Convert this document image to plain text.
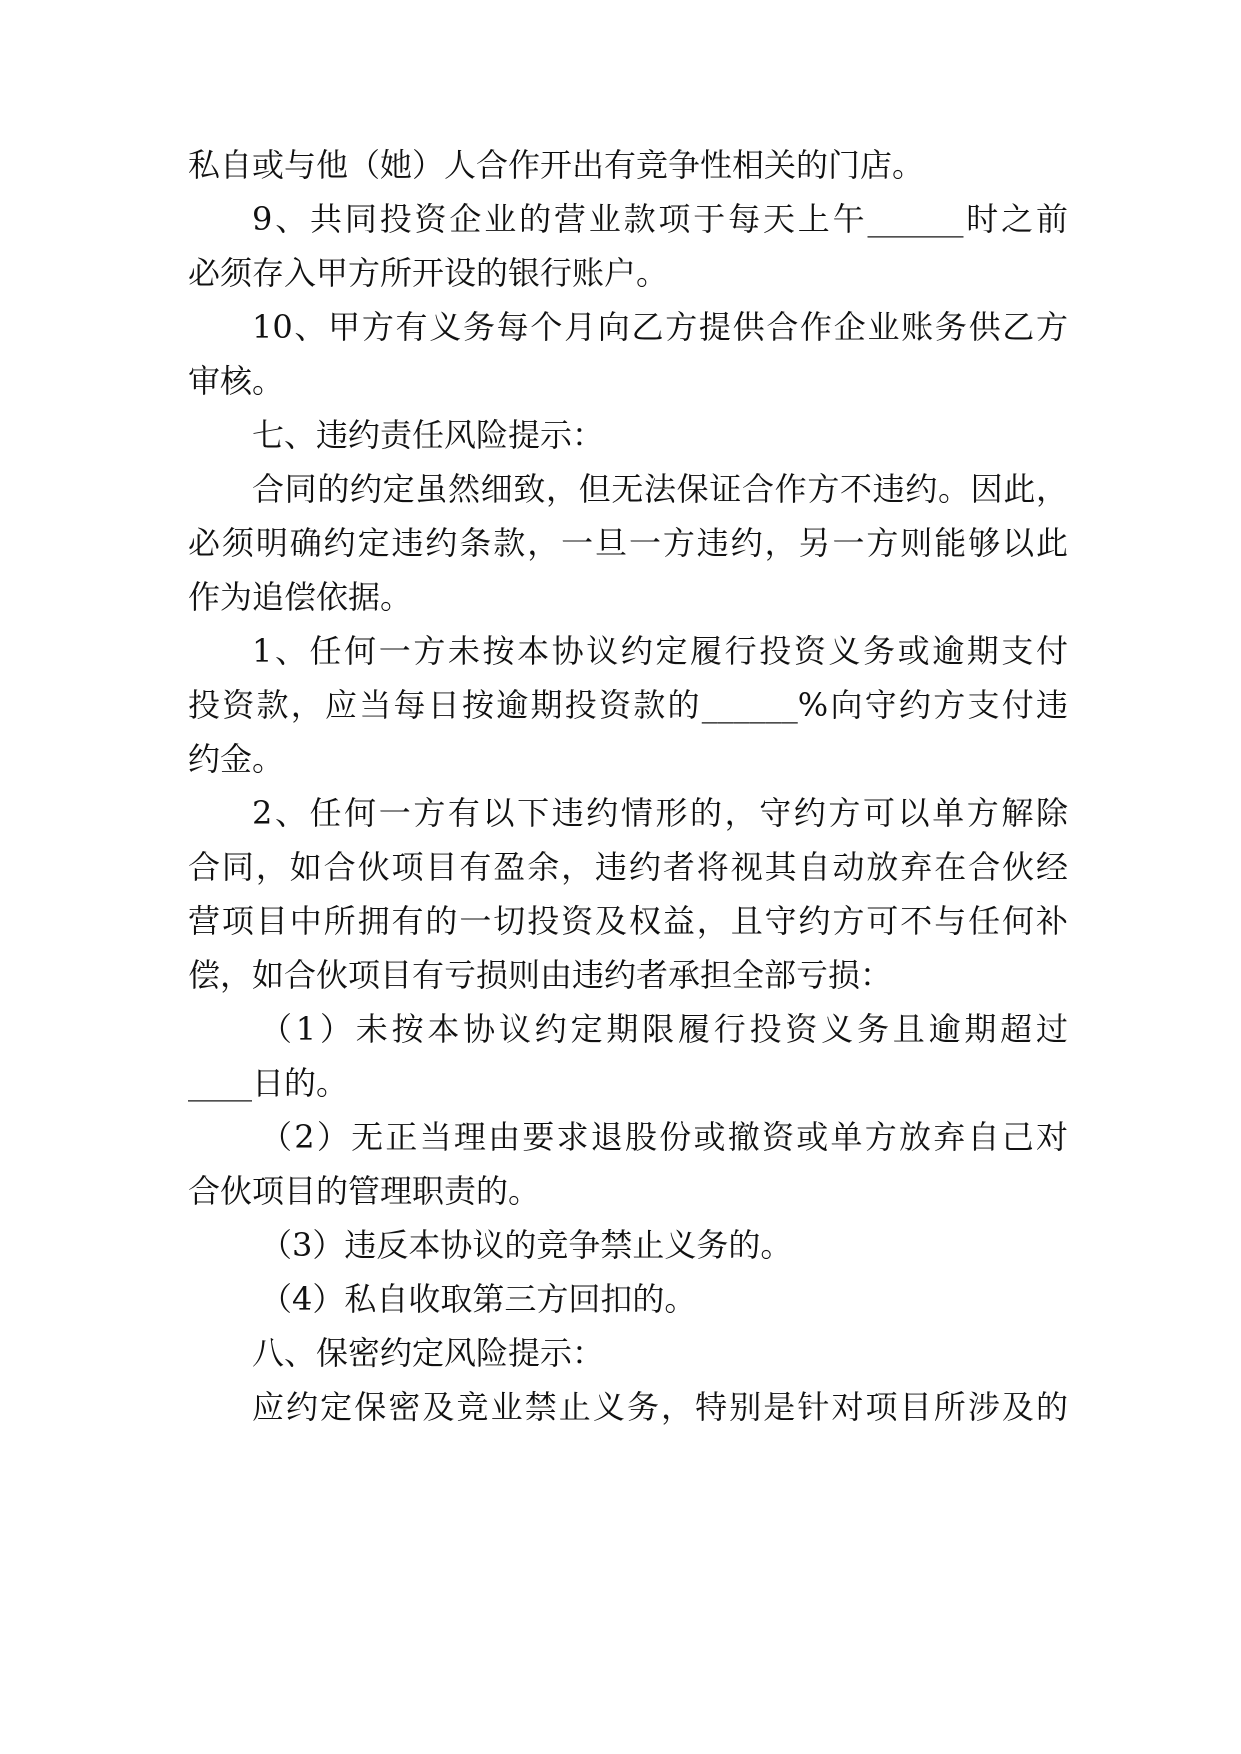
私自或与他（她）人合作开出有竞争性相关的门店。
9、共同投资企业的营业款项于每天上午______时之前
必须存入甲方所开设的银行账户。
10、甲方有义务每个月向乙方提供合作企业账务供乙方
审核。
七、违约责任风险提示：
合同的约定虽然细致，但无法保证合作方不违约。因此，
必须明确约定违约条款，一旦一方违约，另一方则能够以此
作为追偿依据。
1、任何一方未按本协议约定履行投资义务或逾期支付
投资款，应当每日按逾期投资款的______%向守约方支付违
约金。
2、任何一方有以下违约情形的，守约方可以单方解除
合同，如合伙项目有盈余，违约者将视其自动放弃在合伙经
营项目中所拥有的一切投资及权益，且守约方可不与任何补
偿，如合伙项目有亏损则由违约者承担全部亏损：
（1）未按本协议约定期限履行投资义务且逾期超过
____日的。
（2）无正当理由要求退股份或撤资或单方放弃自己对
合伙项目的管理职责的。
（3）违反本协议的竞争禁止义务的。
（4）私自收取第三方回扣的。
八、保密约定风险提示：
应约定保密及竞业禁止义务，特别是针对项目所涉及的
